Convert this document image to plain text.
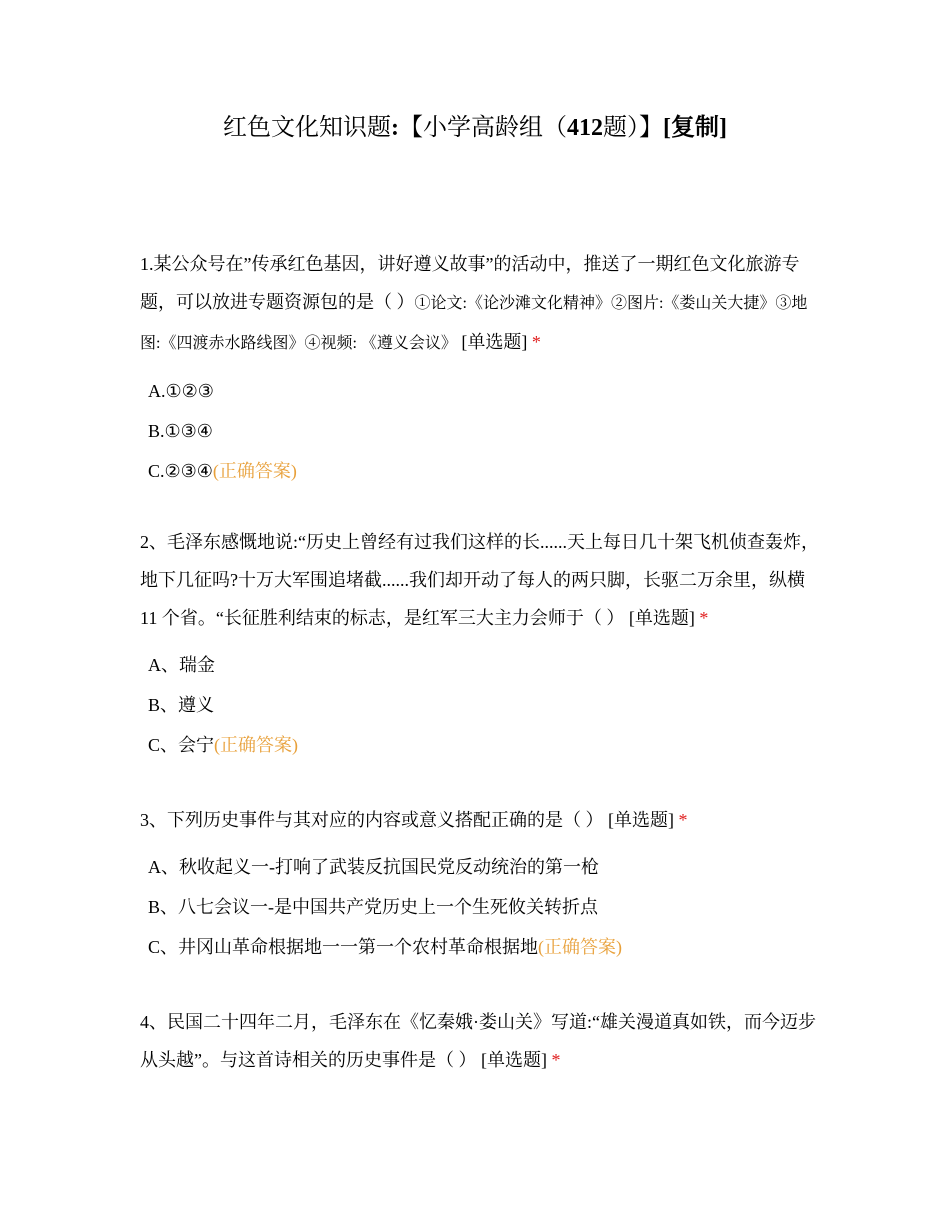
红色文化知识题:【小学高龄组（412题）】[复制]

1.某公众号在”传承红色基因，讲好遵义故事”的活动中，推送了一期红色文化旅游专题，可以放进专题资源包的是（ ）①论文:《论沙滩文化精神》②图片:《娄山关大捷》③地图:《四渡赤水路线图》④视频: 《遵义会议》 [单选题] *

A.①②③
B.①③④
C.②③④(正确答案)

2、毛泽东感慨地说:“历史上曾经有过我们这样的长......天上每日几十架飞机侦查轰炸，地下几征吗?十万大军围追堵截......我们却开动了每人的两只脚，长驱二万余里，纵横 11 个省。“长征胜利结束的标志，是红军三大主力会师于（ ） [单选题] *

A、瑞金
B、遵义
C、会宁(正确答案)

3、下列历史事件与其对应的内容或意义搭配正确的是（ ） [单选题] *

A、秋收起义一-打响了武装反抗国民党反动统治的第一枪
B、八七会议一-是中国共产党历史上一个生死攸关转折点
C、井冈山革命根据地一一第一个农村革命根据地(正确答案)

4、民国二十四年二月，毛泽东在《忆秦娥·娄山关》写道:“雄关漫道真如铁，而今迈步从头越”。与这首诗相关的历史事件是（ ） [单选题] *
